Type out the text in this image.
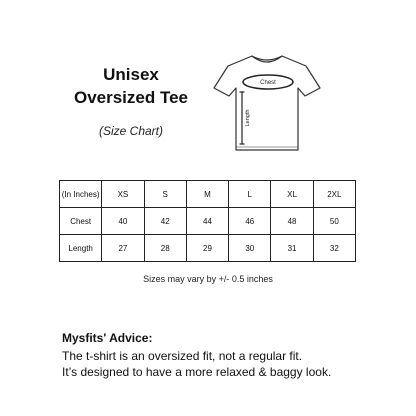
Unisex
Oversized Tee
(Size Chart)
Chest
Length
(In Inches)	XS	S	M	L	XL	2XL
Chest	40	42	44	46	48	50
Length	27	28	29	30	31	32
Sizes may vary by +/- 0.5 inches

Mysfits' Advice:

The t-shirt is an oversized fit, not a regular fit.

It’s designed to have a more relaxed & baggy look.
